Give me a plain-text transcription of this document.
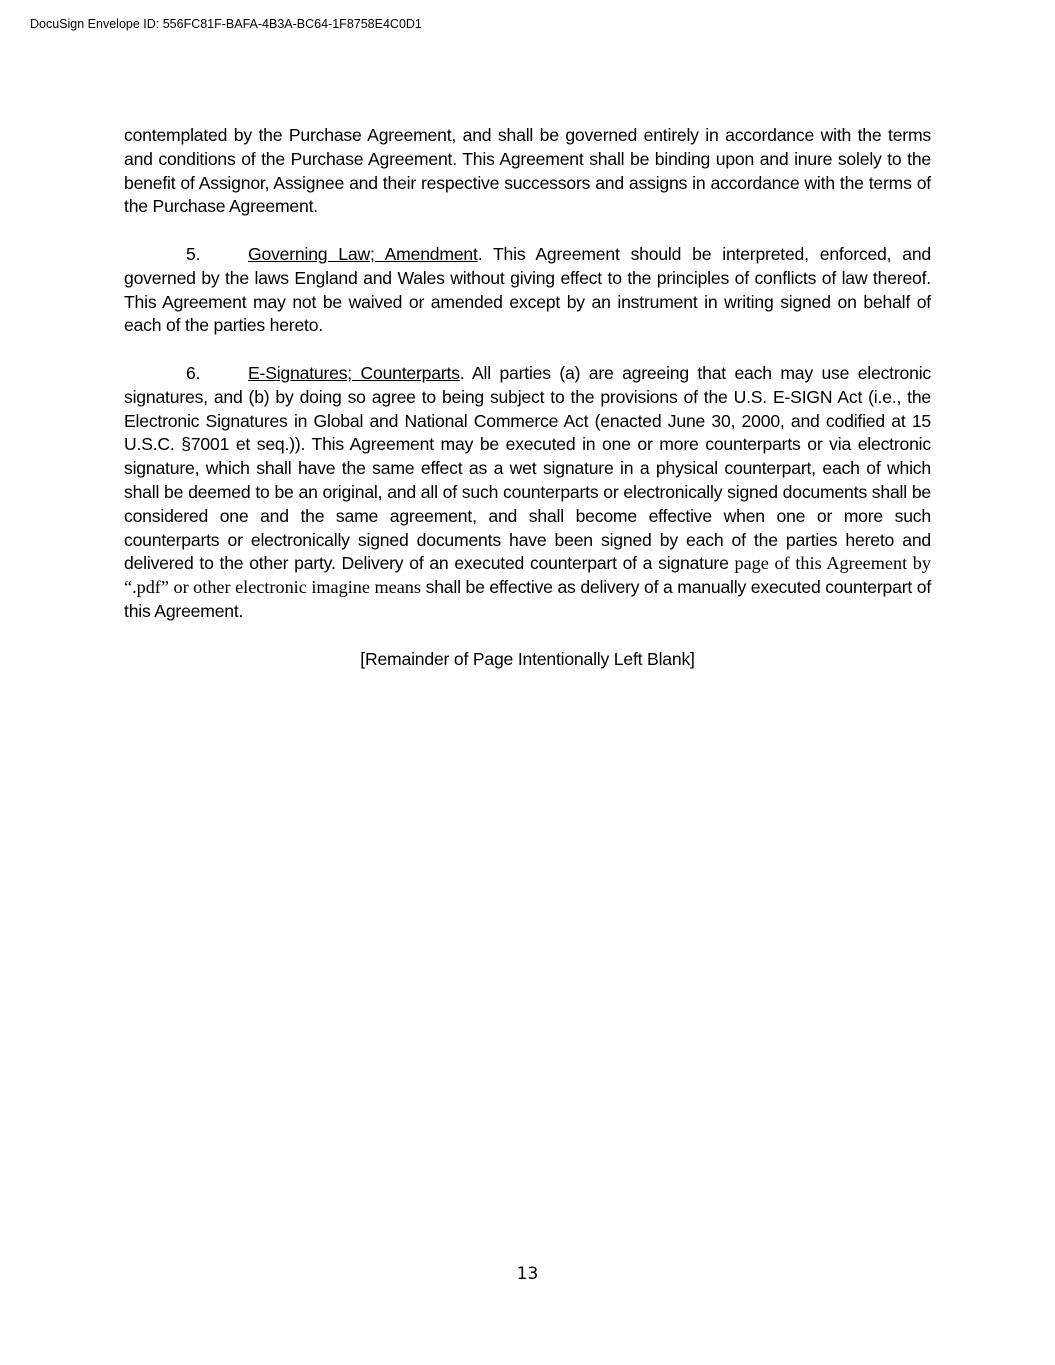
DocuSign Envelope ID: 556FC81F-BAFA-4B3A-BC64-1F8758E4C0D1

contemplated by the Purchase Agreement, and shall be governed entirely in accordance with the terms and conditions of the Purchase Agreement. This Agreement shall be binding upon and inure solely to the benefit of Assignor, Assignee and their respective successors and assigns in accordance with the terms of the Purchase Agreement.

5.	Governing Law; Amendment. This Agreement should be interpreted, enforced, and governed by the laws England and Wales without giving effect to the principles of conflicts of law thereof. This Agreement may not be waived or amended except by an instrument in writing signed on behalf of each of the parties hereto.

6.	E-Signatures; Counterparts. All parties (a) are agreeing that each may use electronic signatures, and (b) by doing so agree to being subject to the provisions of the U.S. E-SIGN Act (i.e., the Electronic Signatures in Global and National Commerce Act (enacted June 30, 2000, and codified at 15 U.S.C. §7001 et seq.)). This Agreement may be executed in one or more counterparts or via electronic signature, which shall have the same effect as a wet signature in a physical counterpart, each of which shall be deemed to be an original, and all of such counterparts or electronically signed documents shall be considered one and the same agreement, and shall become effective when one or more such counterparts or electronically signed documents have been signed by each of the parties hereto and delivered to the other party. Delivery of an executed counterpart of a signature page of this Agreement by “.pdf” or other electronic imagine means shall be effective as delivery of a manually executed counterpart of this Agreement.

[Remainder of Page Intentionally Left Blank]

13
